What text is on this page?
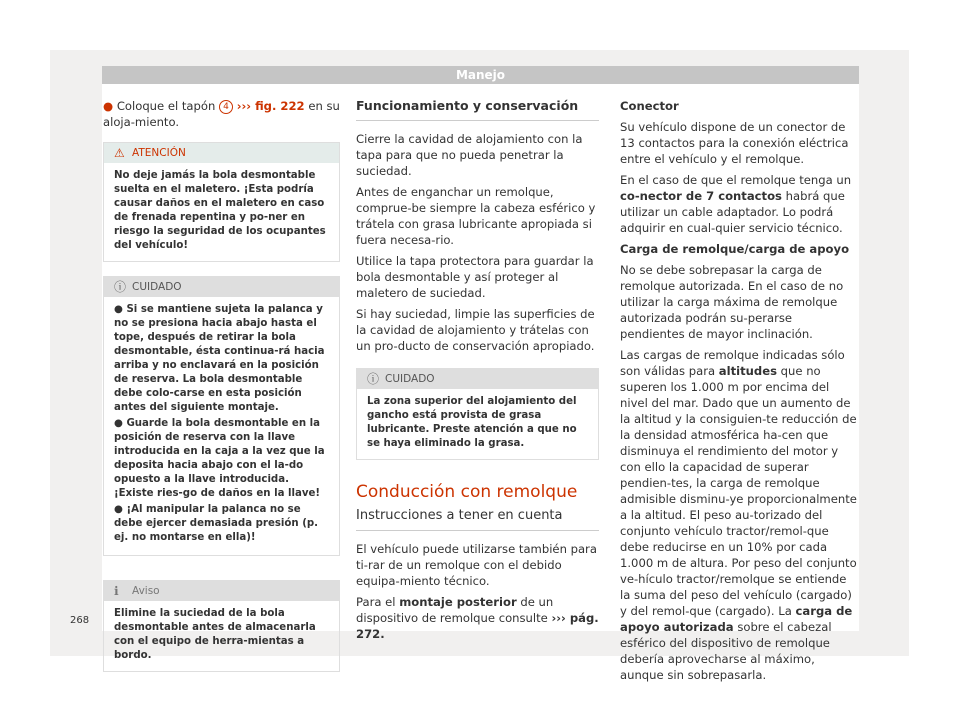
Manejo

● Coloque el tapón 4 ››› fig. 222 en su aloja-miento.

⚠ ATENCIÓN
No deje jamás la bola desmontable suelta en el maletero. ¡Esta podría causar daños en el maletero en caso de frenada repentina y po-ner en riesgo la seguridad de los ocupantes del vehículo!
ⓘ CUIDADO
● Si se mantiene sujeta la palanca y no se presiona hacia abajo hasta el tope, después de retirar la bola desmontable, ésta continua-rá hacia arriba y no enclavará en la posición de reserva. La bola desmontable debe colo-carse en esta posición antes del siguiente montaje.
● Guarde la bola desmontable en la posición de reserva con la llave introducida en la caja a la vez que la deposita hacia abajo con el la-do opuesto a la llave introducida. ¡Existe ries-go de daños en la llave!
● ¡Al manipular la palanca no se debe ejercer demasiada presión (p. ej. no montarse en ella)!
ℹ Aviso
Elimine la suciedad de la bola desmontable antes de almacenarla con el equipo de herra-mientas a bordo.
Funcionamiento y conservación

Cierre la cavidad de alojamiento con la tapa para que no pueda penetrar la suciedad.

Antes de enganchar un remolque, comprue-be siempre la cabeza esférico y trátela con grasa lubricante apropiada si fuera necesa-rio.

Utilice la tapa protectora para guardar la bola desmontable y así proteger al maletero de suciedad.

Si hay suciedad, limpie las superficies de la cavidad de alojamiento y trátelas con un pro-ducto de conservación apropiado.

ⓘ CUIDADO
La zona superior del alojamiento del gancho está provista de grasa lubricante. Preste atención a que no se haya eliminado la grasa.
Conducción con remolque
Instrucciones a tener en cuenta

El vehículo puede utilizarse también para ti-rar de un remolque con el debido equipa-miento técnico.

Para el montaje posterior de un dispositivo de remolque consulte ››› pág. 272.

Conector

Su vehículo dispone de un conector de 13 contactos para la conexión eléctrica entre el vehículo y el remolque.

En el caso de que el remolque tenga un co-nector de 7 contactos habrá que utilizar un cable adaptador. Lo podrá adquirir en cual-quier servicio técnico.

Carga de remolque/carga de apoyo

No se debe sobrepasar la carga de remolque autorizada. En el caso de no utilizar la carga máxima de remolque autorizada podrán su-perarse pendientes de mayor inclinación.

Las cargas de remolque indicadas sólo son válidas para altitudes que no superen los 1.000 m por encima del nivel del mar. Dado que un aumento de la altitud y la consiguien-te reducción de la densidad atmosférica ha-cen que disminuya el rendimiento del motor y con ello la capacidad de superar pendien-tes, la carga de remolque admisible disminu-ye proporcionalmente a la altitud. El peso au-torizado del conjunto vehículo tractor/remol-que debe reducirse en un 10% por cada 1.000 m de altura. Por peso del conjunto ve-hículo tractor/remolque se entiende la suma del peso del vehículo (cargado) y del remol-que (cargado). La carga de apoyo autorizada sobre el cabezal esférico del dispositivo de remolque debería aprovecharse al máximo, aunque sin sobrepasarla.

268
